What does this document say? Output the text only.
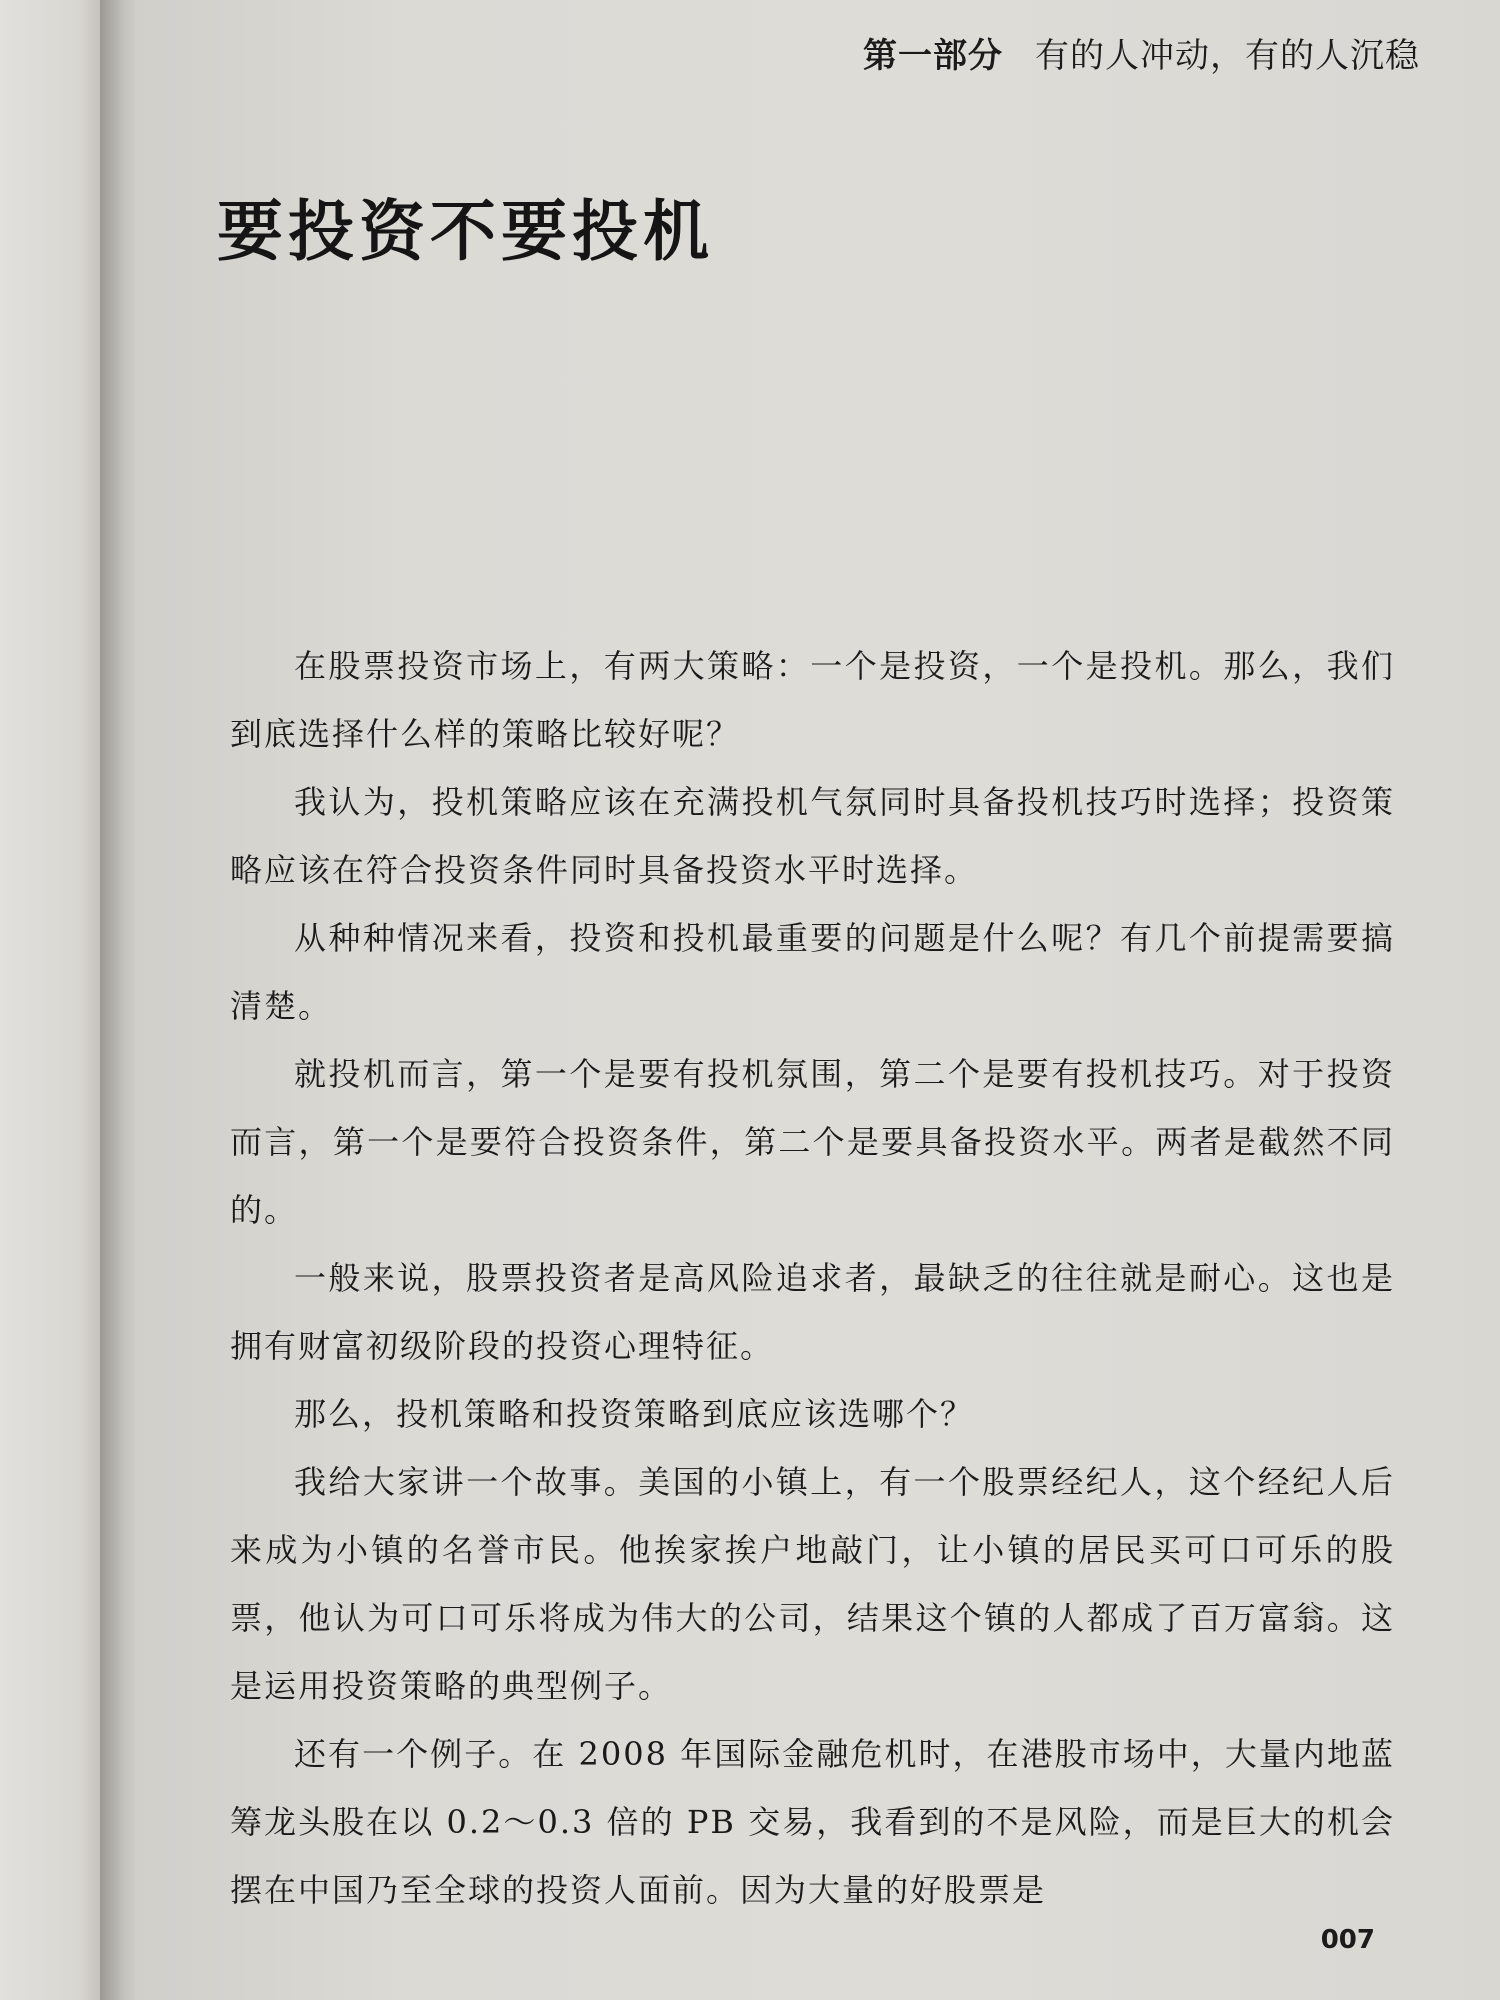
第一部分 有的人冲动，有的人沉稳
要投资不要投机

在股票投资市场上，有两大策略：一个是投资，一个是投机。那么，我们到底选择什么样的策略比较好呢？

我认为，投机策略应该在充满投机气氛同时具备投机技巧时选择；投资策略应该在符合投资条件同时具备投资水平时选择。

从种种情况来看，投资和投机最重要的问题是什么呢？有几个前提需要搞清楚。

就投机而言，第一个是要有投机氛围，第二个是要有投机技巧。对于投资而言，第一个是要符合投资条件，第二个是要具备投资水平。两者是截然不同的。

一般来说，股票投资者是高风险追求者，最缺乏的往往就是耐心。这也是拥有财富初级阶段的投资心理特征。

那么，投机策略和投资策略到底应该选哪个？

我给大家讲一个故事。美国的小镇上，有一个股票经纪人，这个经纪人后来成为小镇的名誉市民。他挨家挨户地敲门，让小镇的居民买可口可乐的股票，他认为可口可乐将成为伟大的公司，结果这个镇的人都成了百万富翁。这是运用投资策略的典型例子。

还有一个例子。在 2008 年国际金融危机时，在港股市场中，大量内地蓝筹龙头股在以 0.2～0.3 倍的 PB 交易，我看到的不是风险，而是巨大的机会摆在中国乃至全球的投资人面前。因为大量的好股票是

007
